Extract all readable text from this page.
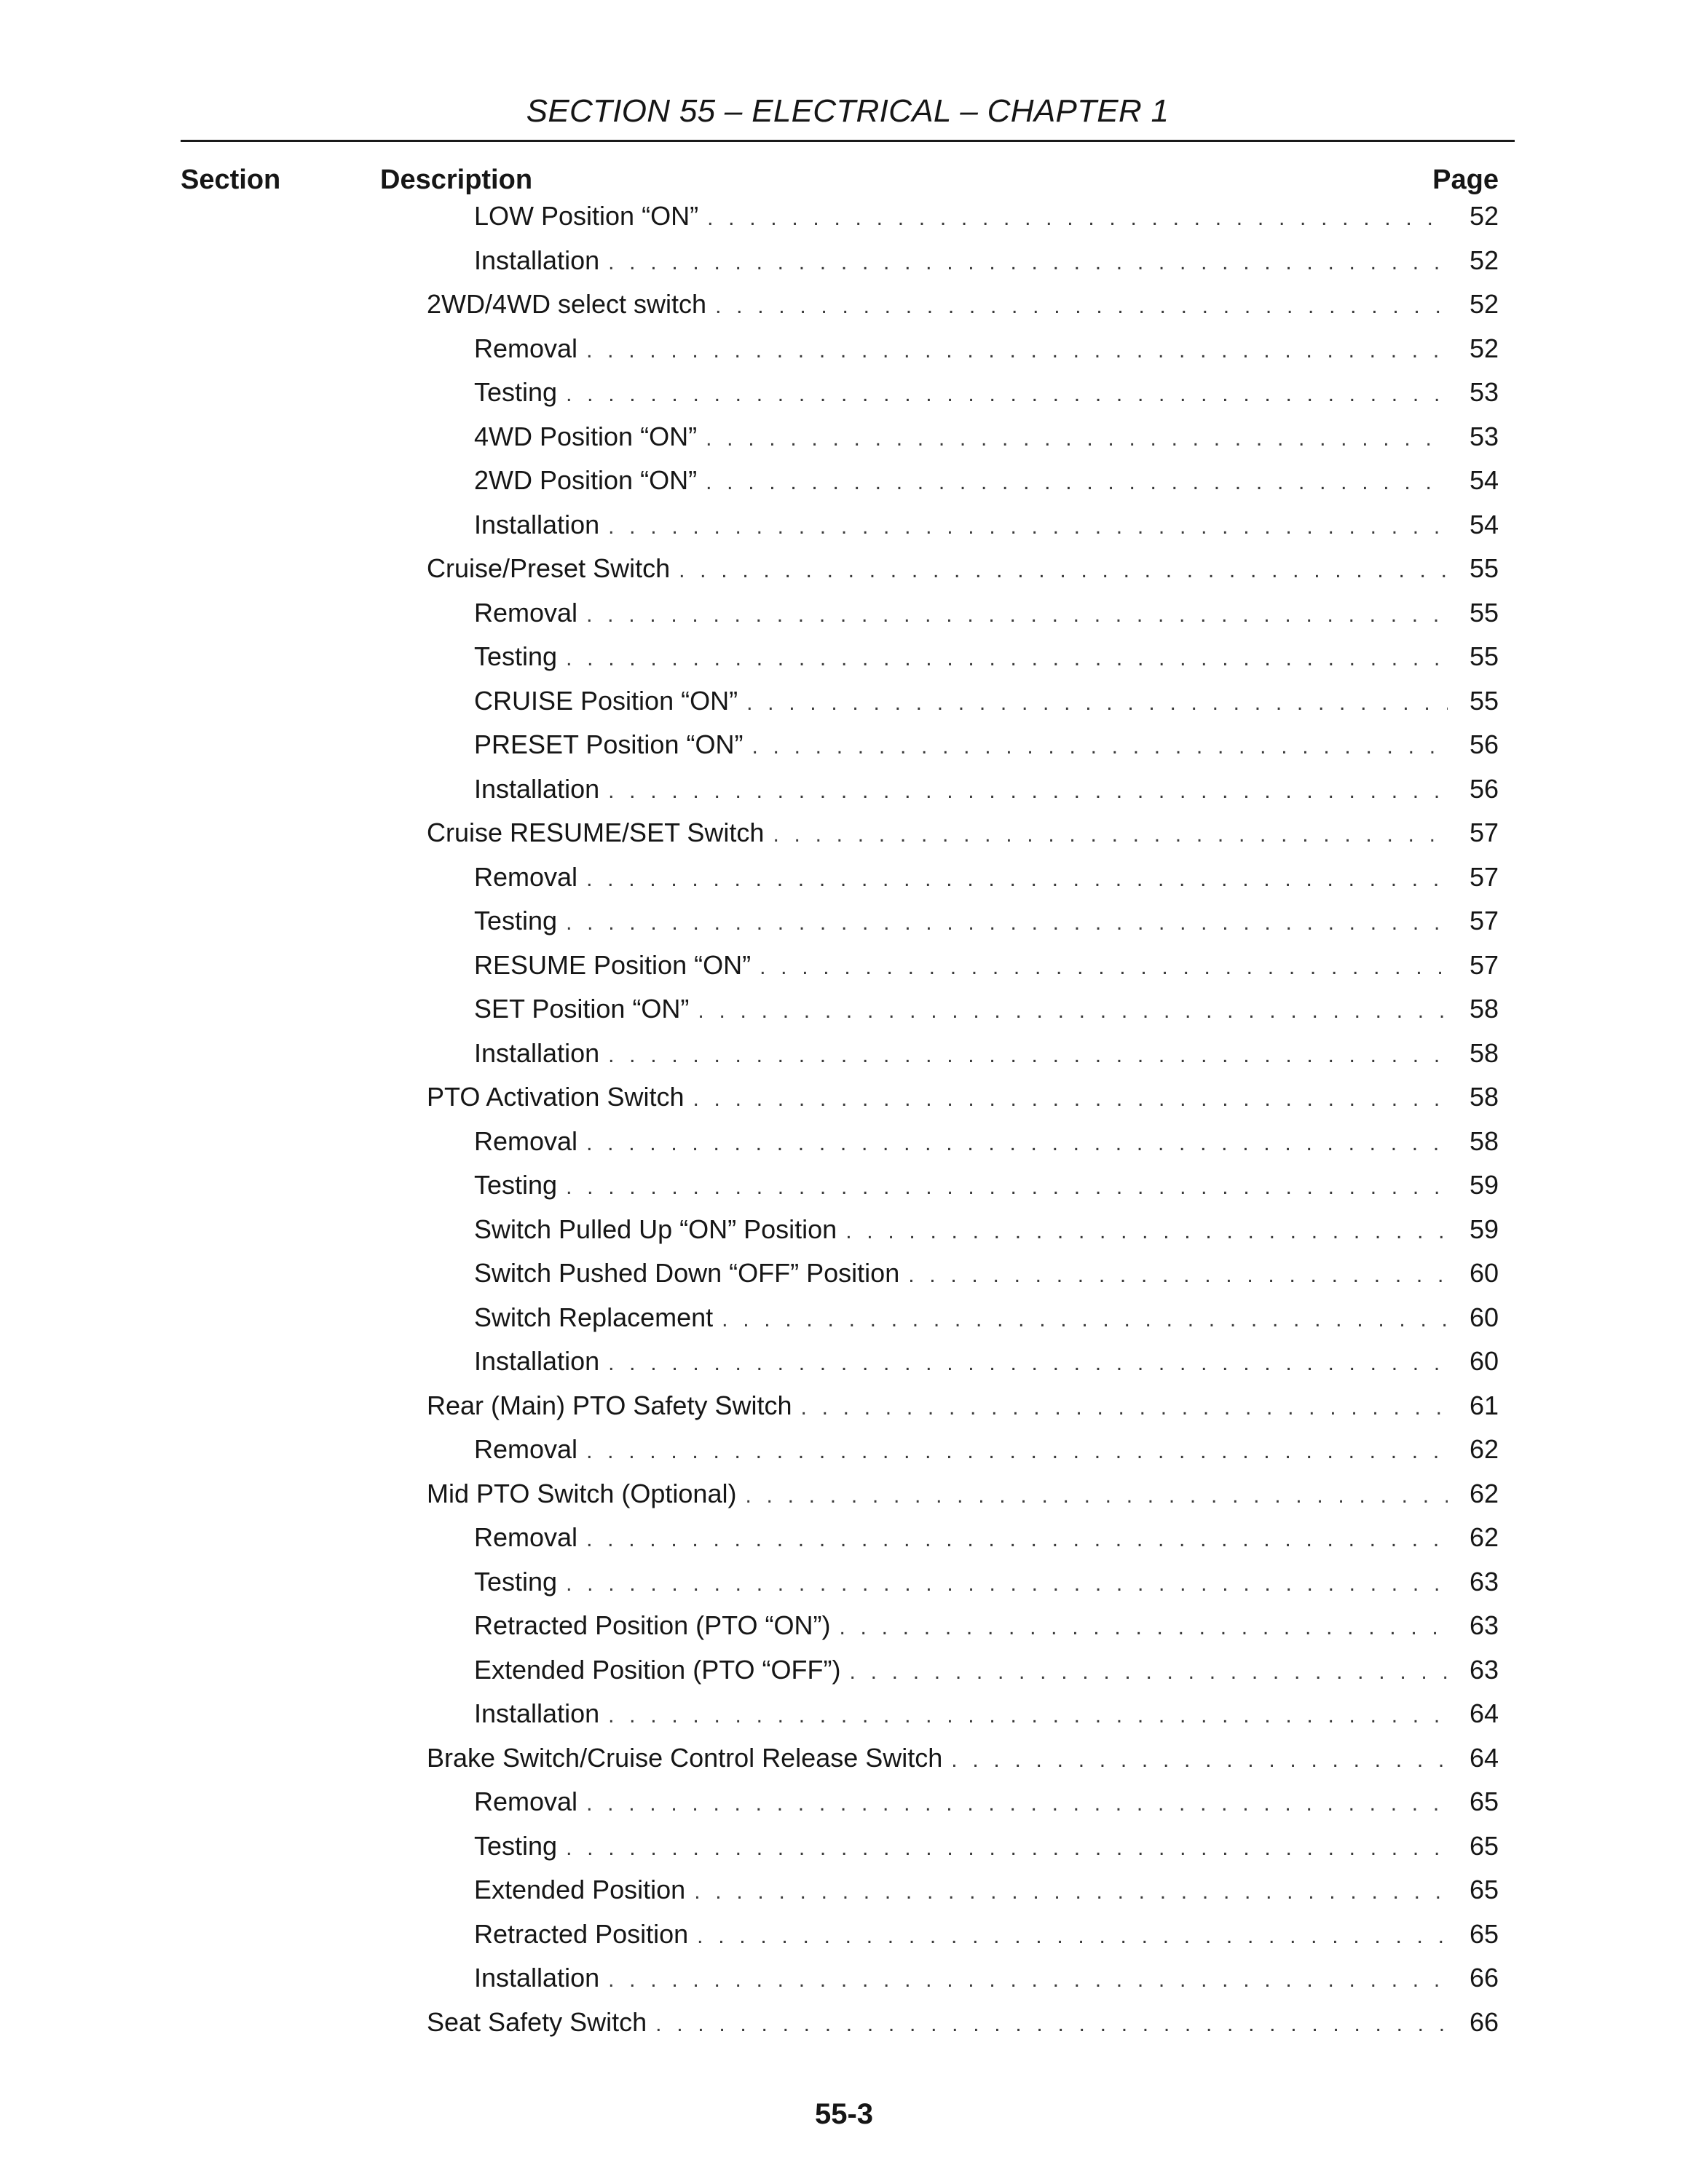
SECTION 55 – ELECTRICAL – CHAPTER 1
Section	Description	Page
LOW Position “ON” . . .	52
Installation . . .	52
2WD/4WD select switch . . .	52
Removal . . .	52
Testing . . .	53
4WD Position “ON” . . .	53
2WD Position “ON” . . .	54
Installation . . .	54
Cruise/Preset Switch . . .	55
Removal . . .	55
Testing . . .	55
CRUISE Position “ON” . . .	55
PRESET Position “ON” . . .	56
Installation . . .	56
Cruise RESUME/SET Switch . . .	57
Removal . . .	57
Testing . . .	57
RESUME Position “ON” . . .	57
SET Position “ON” . . .	58
Installation . . .	58
PTO Activation Switch . . .	58
Removal . . .	58
Testing . . .	59
Switch Pulled Up “ON” Position . . .	59
Switch Pushed Down “OFF” Position . . .	60
Switch Replacement . . .	60
Installation . . .	60
Rear (Main) PTO Safety Switch . . .	61
Removal . . .	62
Mid PTO Switch (Optional) . . .	62
Removal . . .	62
Testing . . .	63
Retracted Position (PTO “ON”) . . .	63
Extended Position (PTO “OFF”) . . .	63
Installation . . .	64
Brake Switch/Cruise Control Release Switch . . .	64
Removal . . .	65
Testing . . .	65
Extended Position . . .	65
Retracted Position . . .	65
Installation . . .	66
Seat Safety Switch . . .	66
55-3
